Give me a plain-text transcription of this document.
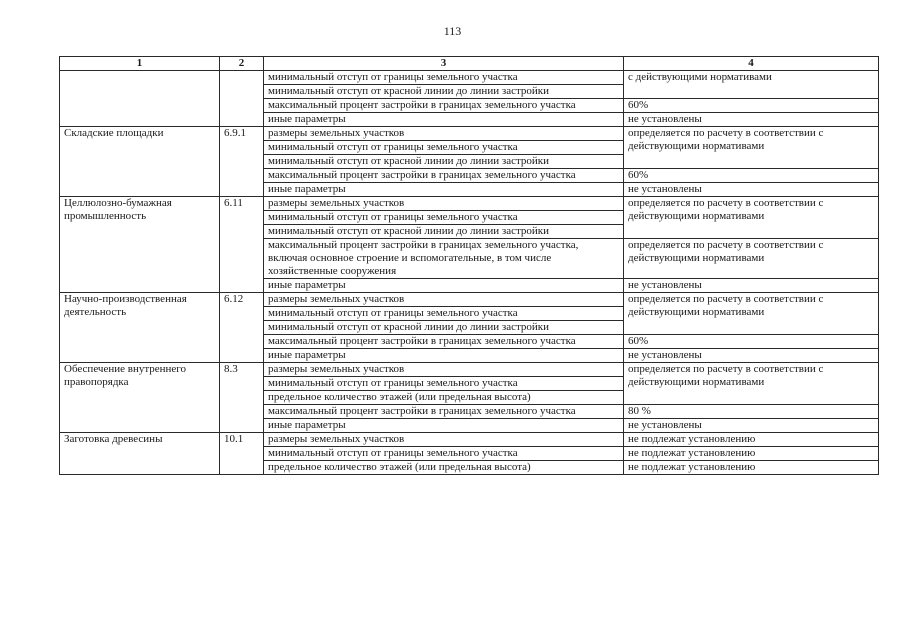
113
1	2	3	4
		минимальный отступ от границы земельного участка	с действующими нормативами
		минимальный отступ от красной линии до линии застройки	
		максимальный процент застройки в границах земельного участка	60%
		иные параметры	не установлены
Складские площадки	6.9.1	размеры земельных участков	определяется по расчету в соответствии с действующими нормативами
		минимальный отступ от границы земельного участка	
		минимальный отступ от красной линии до линии застройки	
		максимальный процент застройки в границах земельного участка	60%
		иные параметры	не установлены
Целлюлозно-бумажная промышленность	6.11	размеры земельных участков	определяется по расчету в соответствии с действующими нормативами
		минимальный отступ от границы земельного участка	
		минимальный отступ от красной линии до линии застройки	
		максимальный процент застройки в границах земельного участка, включая основное строение и вспомогательные, в том числе хозяйственные сооружения	определяется по расчету в соответствии с действующими нормативами
		иные параметры	не установлены
Научно-производственная деятельность	6.12	размеры земельных участков	определяется по расчету в соответствии с действующими нормативами
		минимальный отступ от границы земельного участка	
		минимальный отступ от красной линии до линии застройки	
		максимальный процент застройки в границах земельного участка	60%
		иные параметры	не установлены
Обеспечение внутреннего правопорядка	8.3	размеры земельных участков	определяется по расчету в соответствии с действующими нормативами
		минимальный отступ от границы земельного участка	
		предельное количество этажей (или предельная высота)	
		максимальный процент застройки в границах земельного участка	80 %
		иные параметры	не установлены
Заготовка древесины	10.1	размеры земельных участков	не подлежат установлению
		минимальный отступ от границы земельного участка	не подлежат установлению
		предельное количество этажей (или предельная высота)	не подлежат установлению
